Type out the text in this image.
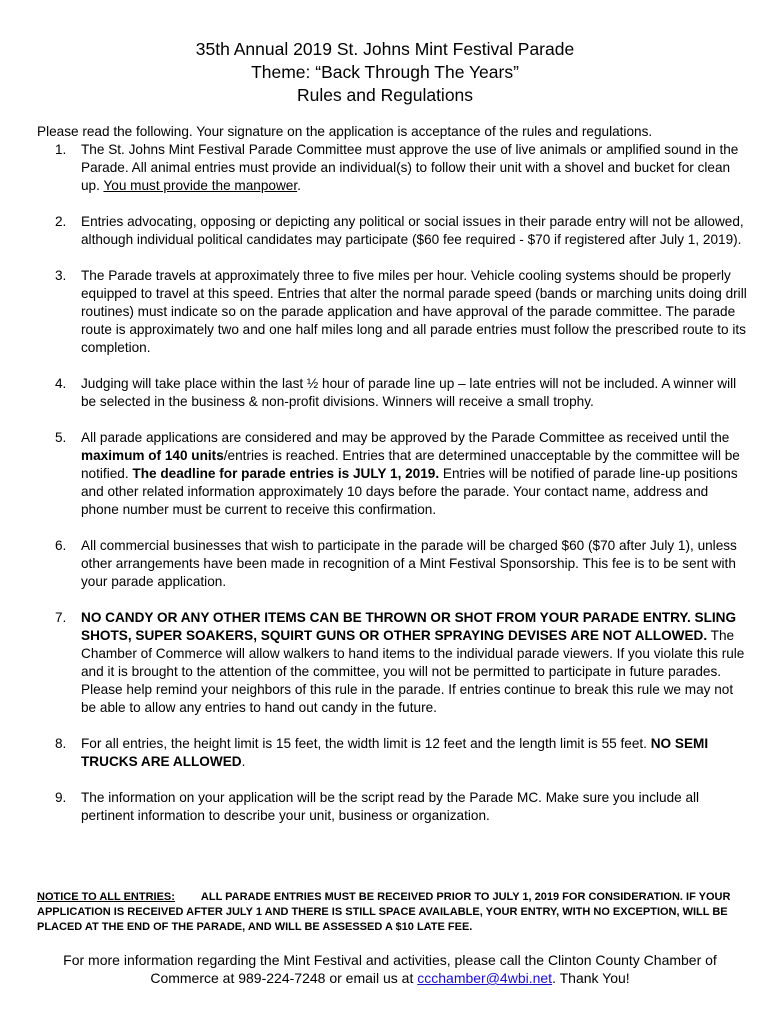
35th Annual 2019 St. Johns Mint Festival Parade
Theme: “Back Through The Years”
Rules and Regulations
Please read the following. Your signature on the application is acceptance of the rules and regulations.
1. The St. Johns Mint Festival Parade Committee must approve the use of live animals or amplified sound in the Parade. All animal entries must provide an individual(s) to follow their unit with a shovel and bucket for clean up. You must provide the manpower.
2. Entries advocating, opposing or depicting any political or social issues in their parade entry will not be allowed, although individual political candidates may participate ($60 fee required - $70 if registered after July 1, 2019).
3. The Parade travels at approximately three to five miles per hour. Vehicle cooling systems should be properly equipped to travel at this speed. Entries that alter the normal parade speed (bands or marching units doing drill routines) must indicate so on the parade application and have approval of the parade committee. The parade route is approximately two and one half miles long and all parade entries must follow the prescribed route to its completion.
4. Judging will take place within the last ½ hour of parade line up – late entries will not be included. A winner will be selected in the business & non-profit divisions. Winners will receive a small trophy.
5. All parade applications are considered and may be approved by the Parade Committee as received until the maximum of 140 units/entries is reached. Entries that are determined unacceptable by the committee will be notified. The deadline for parade entries is JULY 1, 2019. Entries will be notified of parade line-up positions and other related information approximately 10 days before the parade. Your contact name, address and phone number must be current to receive this confirmation.
6. All commercial businesses that wish to participate in the parade will be charged $60 ($70 after July 1), unless other arrangements have been made in recognition of a Mint Festival Sponsorship. This fee is to be sent with your parade application.
7. NO CANDY OR ANY OTHER ITEMS CAN BE THROWN OR SHOT FROM YOUR PARADE ENTRY. SLING SHOTS, SUPER SOAKERS, SQUIRT GUNS OR OTHER SPRAYING DEVISES ARE NOT ALLOWED. The Chamber of Commerce will allow walkers to hand items to the individual parade viewers. If you violate this rule and it is brought to the attention of the committee, you will not be permitted to participate in future parades. Please help remind your neighbors of this rule in the parade. If entries continue to break this rule we may not be able to allow any entries to hand out candy in the future.
8. For all entries, the height limit is 15 feet, the width limit is 12 feet and the length limit is 55 feet. NO SEMI TRUCKS ARE ALLOWED.
9. The information on your application will be the script read by the Parade MC. Make sure you include all pertinent information to describe your unit, business or organization.
NOTICE TO ALL ENTRIES: ALL PARADE ENTRIES MUST BE RECEIVED PRIOR TO JULY 1, 2019 FOR CONSIDERATION. IF YOUR APPLICATION IS RECEIVED AFTER JULY 1 AND THERE IS STILL SPACE AVAILABLE, YOUR ENTRY, WITH NO EXCEPTION, WILL BE PLACED AT THE END OF THE PARADE, AND WILL BE ASSESSED A $10 LATE FEE.
For more information regarding the Mint Festival and activities, please call the Clinton County Chamber of Commerce at 989-224-7248 or email us at ccchamber@4wbi.net. Thank You!
